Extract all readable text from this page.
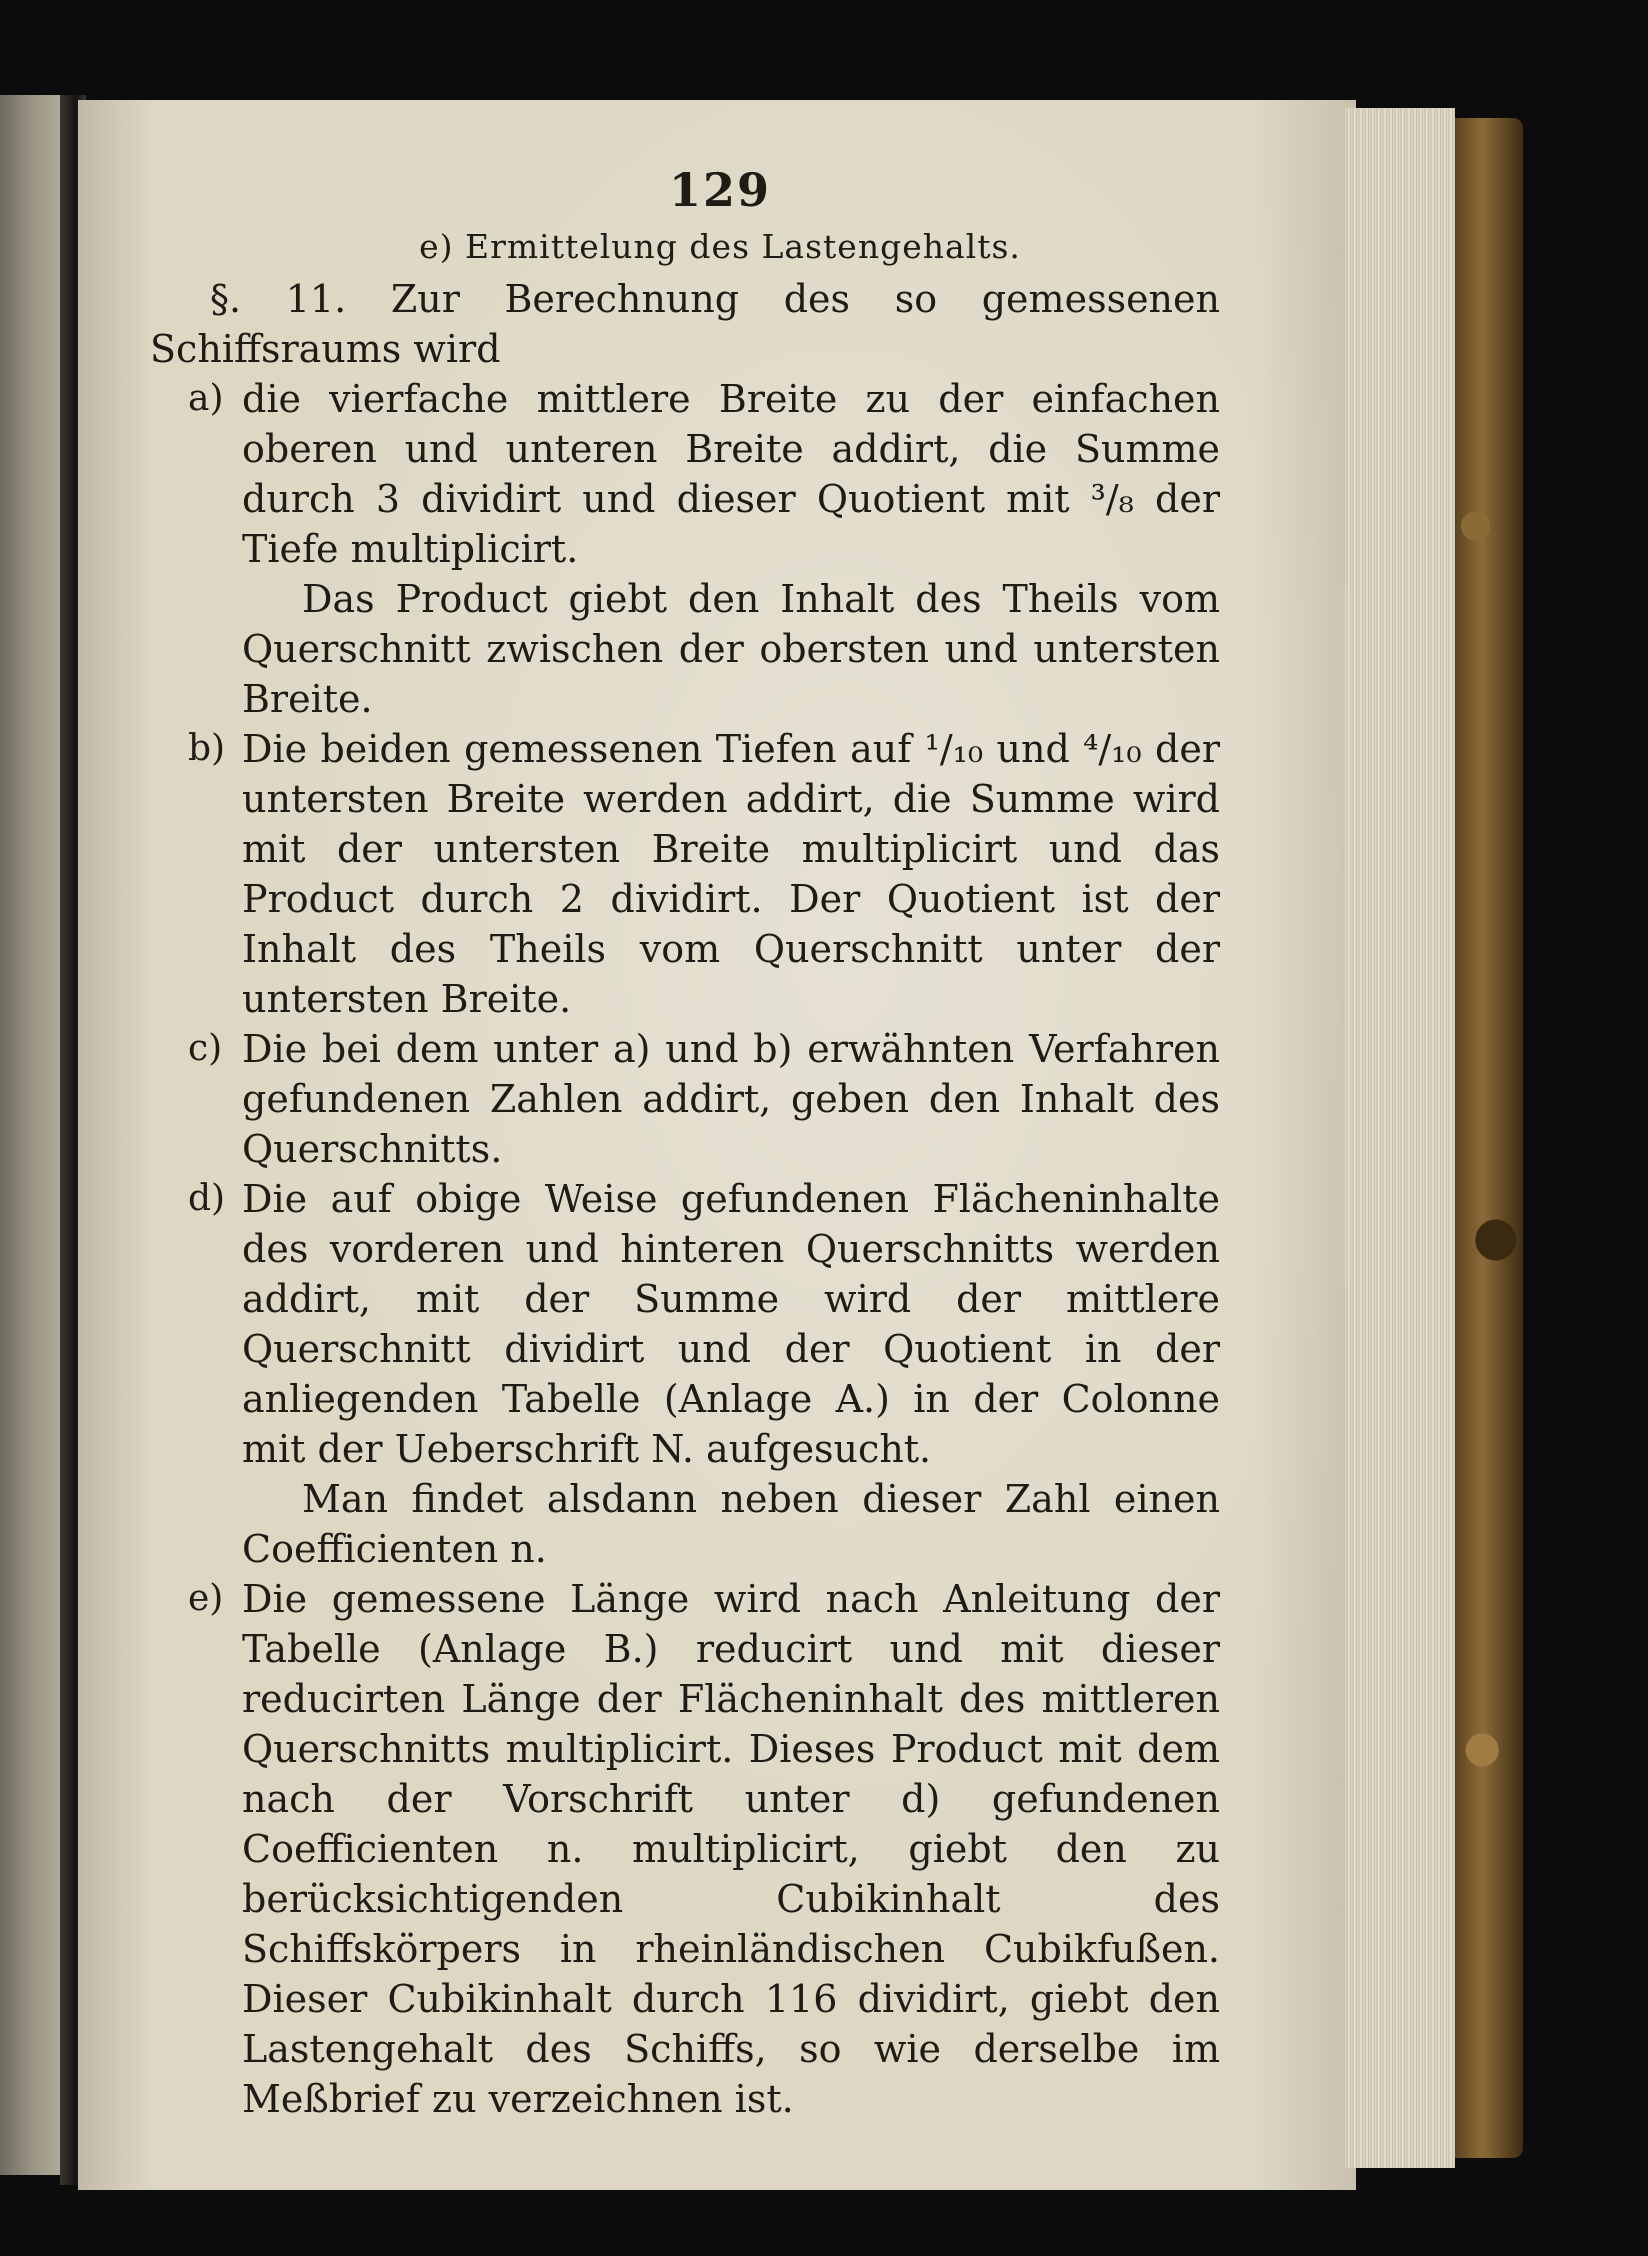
129
e) Ermittelung des Lastengehalts.

§. 11. Zur Berechnung des so gemessenen Schiffsraums wird

a) die vierfache mittlere Breite zu der einfachen oberen und unteren Breite addirt, die Summe durch 3 dividirt und dieser Quotient mit ³/₈ der Tiefe multiplicirt.

Das Product giebt den Inhalt des Theils vom Querschnitt zwischen der obersten und untersten Breite.

b) Die beiden gemessenen Tiefen auf ¹/₁₀ und ⁴/₁₀ der untersten Breite werden addirt, die Summe wird mit der untersten Breite multiplicirt und das Product durch 2 dividirt. Der Quotient ist der Inhalt des Theils vom Querschnitt unter der untersten Breite.

c) Die bei dem unter a) und b) erwähnten Verfahren gefundenen Zahlen addirt, geben den Inhalt des Querschnitts.

d) Die auf obige Weise gefundenen Flächeninhalte des vorderen und hinteren Querschnitts werden addirt, mit der Summe wird der mittlere Querschnitt dividirt und der Quotient in der anliegenden Tabelle (Anlage A.) in der Colonne mit der Ueberschrift N. aufgesucht.

Man findet alsdann neben dieser Zahl einen Coefficienten n.

e) Die gemessene Länge wird nach Anleitung der Tabelle (Anlage B.) reducirt und mit dieser reducirten Länge der Flächeninhalt des mittleren Querschnitts multiplicirt. Dieses Product mit dem nach der Vorschrift unter d) gefundenen Coefficienten n. multiplicirt, giebt den zu berücksichtigenden Cubikinhalt des Schiffskörpers in rheinländischen Cubikfußen. Dieser Cubikinhalt durch 116 dividirt, giebt den Lastengehalt des Schiffs, so wie derselbe im Meßbrief zu verzeichnen ist.
